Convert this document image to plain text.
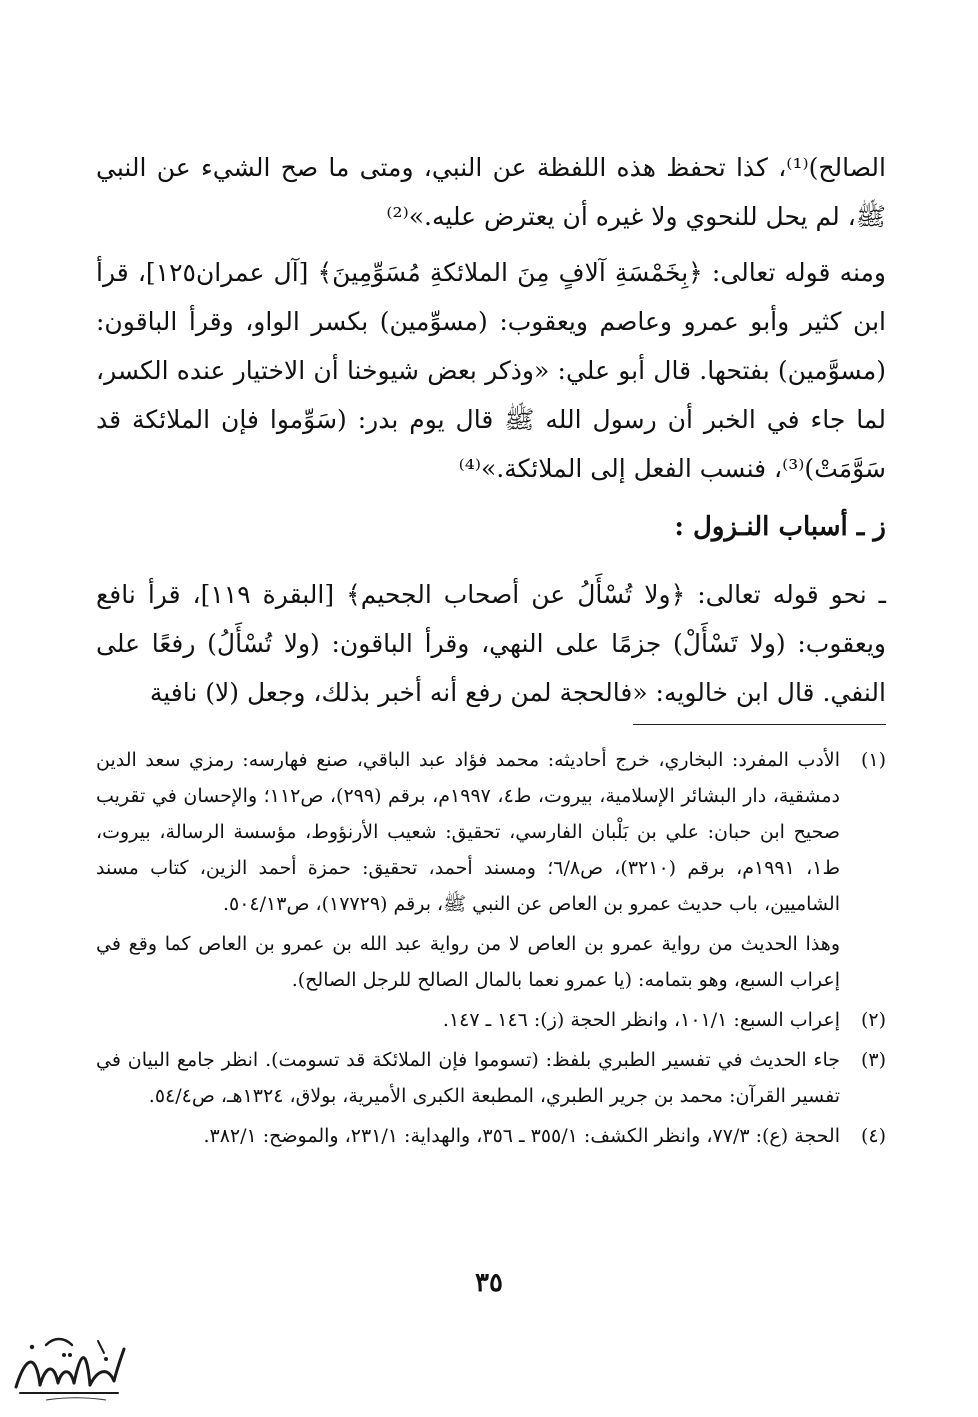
الصالح)⁽¹⁾، كذا تحفظ هذه اللفظة عن النبي، ومتى ما صح الشيء عن النبي ﷺ، لم يحل للنحوي ولا غيره أن يعترض عليه.»⁽²⁾

ومنه قوله تعالى: ﴿بِخَمْسَةِ آلافٍ مِنَ الملائكةِ مُسَوِّمِينَ﴾ [آل عمران١٢٥]، قرأ ابن كثير وأبو عمرو وعاصم ويعقوب: (مسوِّمين) بكسر الواو، وقرأ الباقون: (مسوَّمين) بفتحها. قال أبو علي: «وذكر بعض شيوخنا أن الاختيار عنده الكسر، لما جاء في الخبر أن رسول الله ﷺ قال يوم بدر: (سَوِّموا فإن الملائكة قد سَوَّمَتْ)⁽³⁾، فنسب الفعل إلى الملائكة.»⁽⁴⁾

ز ـ أسباب النـزول :

ـ نحو قوله تعالى: ﴿ولا تُسْأَلُ عن أصحاب الجحيم﴾ [البقرة ١١٩]، قرأ نافع ويعقوب: (ولا تَسْأَلْ) جزمًا على النهي، وقرأ الباقون: (ولا تُسْأَلُ) رفعًا على النفي. قال ابن خالويه: «فالحجة لمن رفع أنه أخبر بذلك، وجعل (لا) نافية

(١)
الأدب المفرد: البخاري، خرج أحاديثه: محمد فؤاد عبد الباقي، صنع فهارسه: رمزي سعد الدين دمشقية، دار البشائر الإسلامية، بيروت، ط٤، ١٩٩٧م، برقم (٢٩٩)، ص١١٢؛ والإحسان في تقريب صحيح ابن حبان: علي بن بَلْبان الفارسي، تحقيق: شعيب الأرنؤوط، مؤسسة الرسالة، بيروت، ط١، ١٩٩١م، برقم (٣٢١٠)، ص٦/٨؛ ومسند أحمد، تحقيق: حمزة أحمد الزين، كتاب مسند الشاميين، باب حديث عمرو بن العاص عن النبي ﷺ، برقم (١٧٧٢٩)، ص٥٠٤/١٣.
وهذا الحديث من رواية عمرو بن العاص لا من رواية عبد الله بن عمرو بن العاص كما وقع في إعراب السبع، وهو بتمامه: (يا عمرو نعما بالمال الصالح للرجل الصالح).
(٢)
إعراب السبع: ١٠١/١، وانظر الحجة (ز): ١٤٦ ـ ١٤٧.
(٣)
جاء الحديث في تفسير الطبري بلفظ: (تسوموا فإن الملائكة قد تسومت). انظر جامع البيان في تفسير القرآن: محمد بن جرير الطبري، المطبعة الكبرى الأميرية، بولاق، ١٣٢٤هـ، ص٥٤/٤.
(٤)
الحجة (ع): ٧٧/٣، وانظر الكشف: ٣٥٥/١ ـ ٣٥٦، والهداية: ٢٣١/١، والموضح: ٣٨٢/١.
٣٥
